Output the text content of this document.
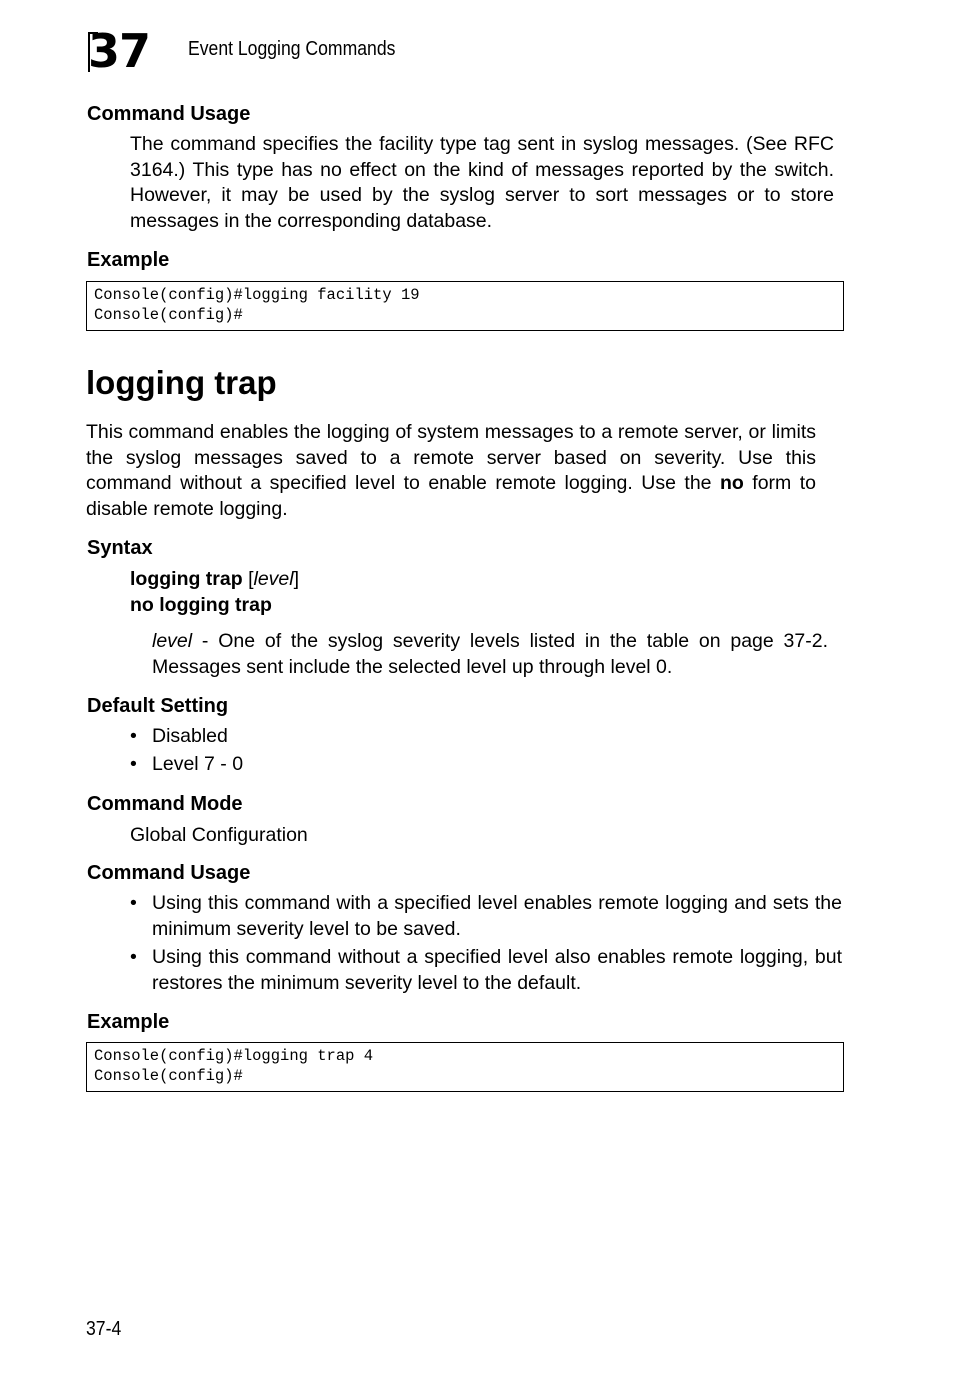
37	Event Logging Commands
Command Usage
The command specifies the facility type tag sent in syslog messages. (See RFC 3164.) This type has no effect on the kind of messages reported by the switch. However, it may be used by the syslog server to sort messages or to store messages in the corresponding database.
Example
Console(config)#logging facility 19
Console(config)#
logging trap
This command enables the logging of system messages to a remote server, or limits the syslog messages saved to a remote server based on severity. Use this command without a specified level to enable remote logging. Use the no form to disable remote logging.
Syntax
logging trap [level]
no logging trap
level - One of the syslog severity levels listed in the table on page 37-2. Messages sent include the selected level up through level 0.
Default Setting
• Disabled
• Level 7 - 0
Command Mode
Global Configuration
Command Usage
• Using this command with a specified level enables remote logging and sets the minimum severity level to be saved.
• Using this command without a specified level also enables remote logging, but restores the minimum severity level to the default.
Example
Console(config)#logging trap 4
Console(config)#
37-4
